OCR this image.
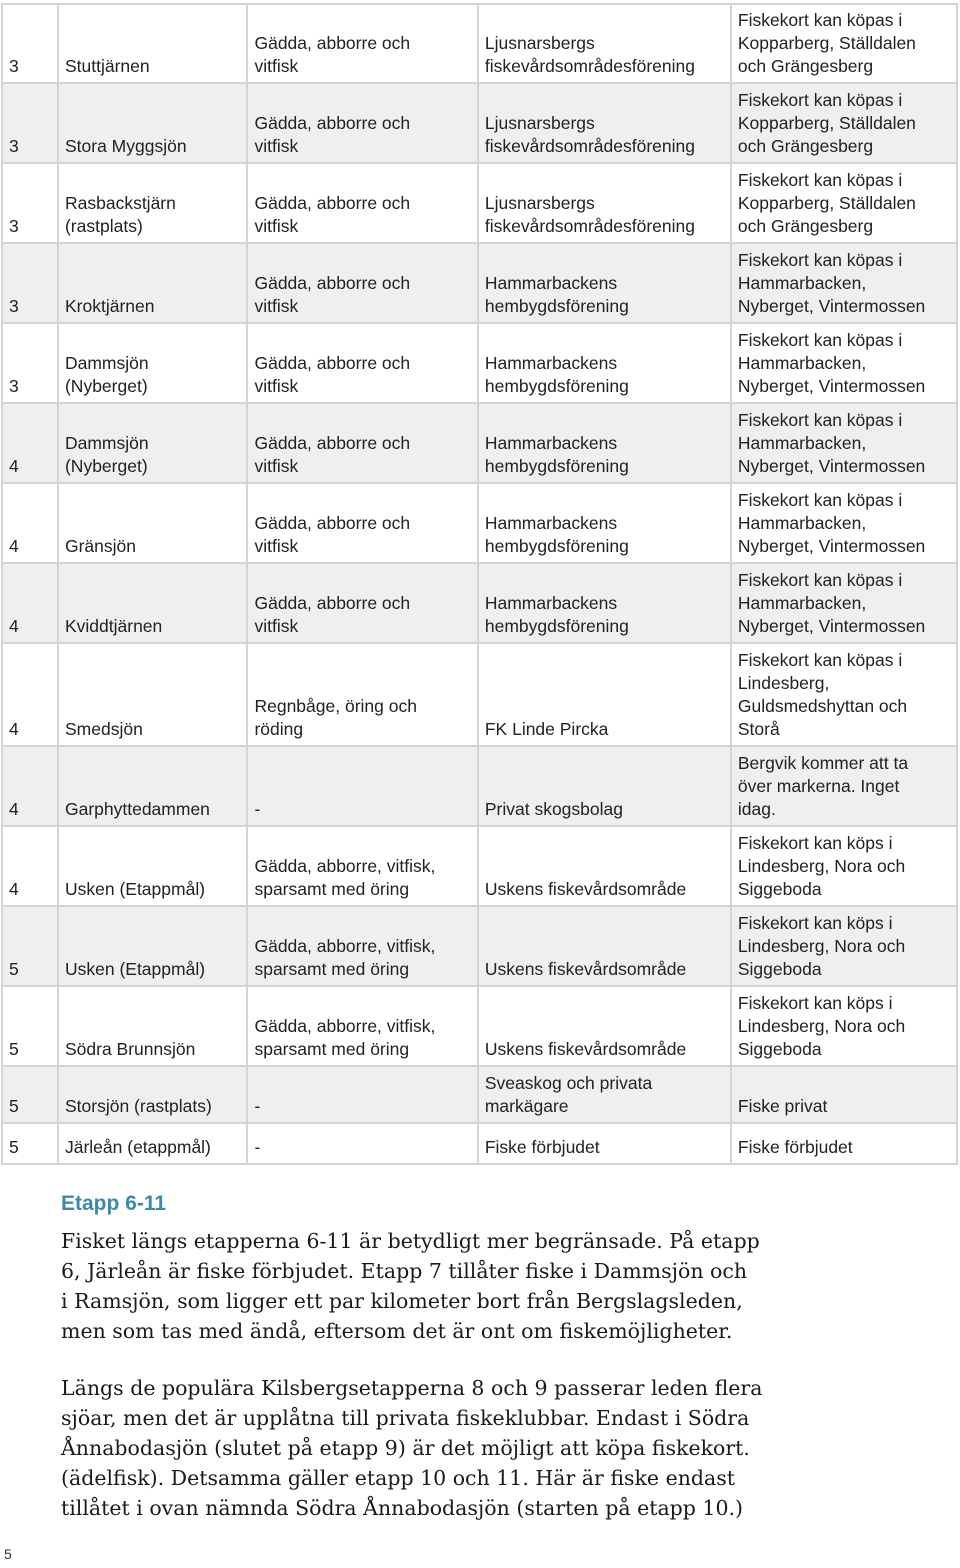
3	Stuttjärnen	Gädda, abborre och
vitfisk	Ljusnarsbergs
fiskevårdsområdesförening	Fiskekort kan köpas i
Kopparberg, Ställdalen
och Grängesberg

3	Stora Myggsjön	Gädda, abborre och
vitfisk	Ljusnarsbergs
fiskevårdsområdesförening	Fiskekort kan köpas i
Kopparberg, Ställdalen
och Grängesberg

3	Rasbackstjärn
(rastplats)	Gädda, abborre och
vitfisk	Ljusnarsbergs
fiskevårdsområdesförening	Fiskekort kan köpas i
Kopparberg, Ställdalen
och Grängesberg

3	Kroktjärnen	Gädda, abborre och
vitfisk	Hammarbackens
hembygdsförening	Fiskekort kan köpas i
Hammarbacken,
Nyberget, Vintermossen

3	Dammsjön
(Nyberget)	Gädda, abborre och
vitfisk	Hammarbackens
hembygdsförening	Fiskekort kan köpas i
Hammarbacken,
Nyberget, Vintermossen

4	Dammsjön
(Nyberget)	Gädda, abborre och
vitfisk	Hammarbackens
hembygdsförening	Fiskekort kan köpas i
Hammarbacken,
Nyberget, Vintermossen

4	Gränsjön	Gädda, abborre och
vitfisk	Hammarbackens
hembygdsförening	Fiskekort kan köpas i
Hammarbacken,
Nyberget, Vintermossen

4	Kviddtjärnen	Gädda, abborre och
vitfisk	Hammarbackens
hembygdsförening	Fiskekort kan köpas i
Hammarbacken,
Nyberget, Vintermossen

4	Smedsjön	Regnbåge, öring och
röding	FK Linde Pircka	Fiskekort kan köpas i
Lindesberg,
Guldsmedshyttan och
Storå

4	Garphyttedammen	-	Privat skogsbolag	Bergvik kommer att ta
över markerna. Inget
idag.

4	Usken (Etappmål)	Gädda, abborre, vitfisk,
sparsamt med öring	Uskens fiskevårdsområde	Fiskekort kan köps i
Lindesberg, Nora och
Siggeboda

5	Usken (Etappmål)	Gädda, abborre, vitfisk,
sparsamt med öring	Uskens fiskevårdsområde	Fiskekort kan köps i
Lindesberg, Nora och
Siggeboda

5	Södra Brunnsjön	Gädda, abborre, vitfisk,
sparsamt med öring	Uskens fiskevårdsområde	Fiskekort kan köps i
Lindesberg, Nora och
Siggeboda

5	Storsjön (rastplats)	-	Sveaskog och privata
markägare	Fiske privat

5	Järleån (etappmål)	-	Fiske förbjudet	Fiske förbjudet
Etapp 6-11

Fisket längs etapperna 6-11 är betydligt mer begränsade. På etapp
6, Järleån är fiske förbjudet. Etapp 7 tillåter fiske i Dammsjön och
i Ramsjön, som ligger ett par kilometer bort från Bergslagsleden,
men som tas med ändå, eftersom det är ont om fiskemöjligheter.

Längs de populära Kilsbergsetapperna 8 och 9 passerar leden flera
sjöar, men det är upplåtna till privata fiskeklubbar. Endast i Södra
Ånnabodasjön (slutet på etapp 9) är det möjligt att köpa fiskekort.
(ädelfisk). Detsamma gäller etapp 10 och 11. Här är fiske endast
tillåtet i ovan nämnda Södra Ånnabodasjön (starten på etapp 10.)

5
